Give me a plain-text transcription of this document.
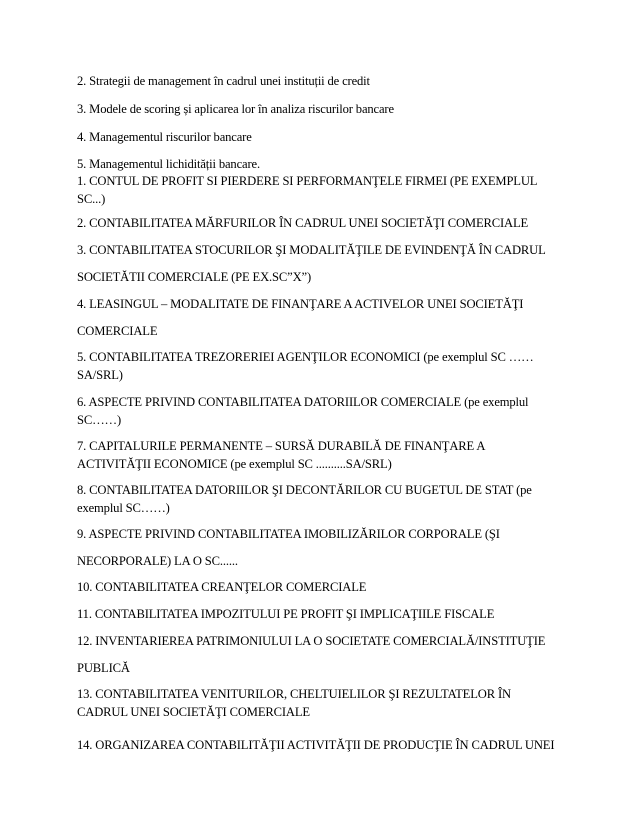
2. Strategii de management în cadrul unei instituții de credit
3. Modele de scoring și aplicarea lor în analiza riscurilor bancare
4. Managementul riscurilor bancare
5. Managementul lichidității bancare.
1. CONTUL DE PROFIT SI PIERDERE SI PERFORMANŢELE FIRMEI (PE EXEMPLUL
SC...)
2. CONTABILITATEA MĂRFURILOR ÎN CADRUL UNEI SOCIETĂŢI COMERCIALE
3. CONTABILITATEA STOCURILOR ŞI MODALITĂŢILE DE EVINDENŢĂ ÎN CADRUL
SOCIETĂTII COMERCIALE (PE EX.SC”X”)
4. LEASINGUL – MODALITATE DE FINANŢARE A ACTIVELOR UNEI SOCIETĂŢI
COMERCIALE
5. CONTABILITATEA TREZORERIEI AGENŢILOR ECONOMICI (pe exemplul SC ……
SA/SRL)
6. ASPECTE PRIVIND CONTABILITATEA DATORIILOR COMERCIALE (pe exemplul
SC……)
7. CAPITALURILE PERMANENTE – SURSĂ DURABILĂ DE FINANŢARE A
ACTIVITĂŢII ECONOMICE (pe exemplul SC ..........SA/SRL)
8. CONTABILITATEA DATORIILOR ŞI DECONTĂRILOR CU BUGETUL DE STAT (pe
exemplul SC……)
9. ASPECTE PRIVIND CONTABILITATEA IMOBILIZĂRILOR CORPORALE (ŞI
NECORPORALE) LA O SC......
10. CONTABILITATEA CREANŢELOR COMERCIALE
11. CONTABILITATEA IMPOZITULUI PE PROFIT ŞI IMPLICAŢIILE FISCALE
12. INVENTARIEREA PATRIMONIULUI LA O SOCIETATE COMERCIALĂ/INSTITUŢIE
PUBLICĂ
13. CONTABILITATEA VENITURILOR, CHELTUIELILOR ŞI REZULTATELOR ÎN
CADRUL UNEI SOCIETĂŢI COMERCIALE
14. ORGANIZAREA CONTABILITĂŢII ACTIVITĂŢII DE PRODUCŢIE ÎN CADRUL UNEI
